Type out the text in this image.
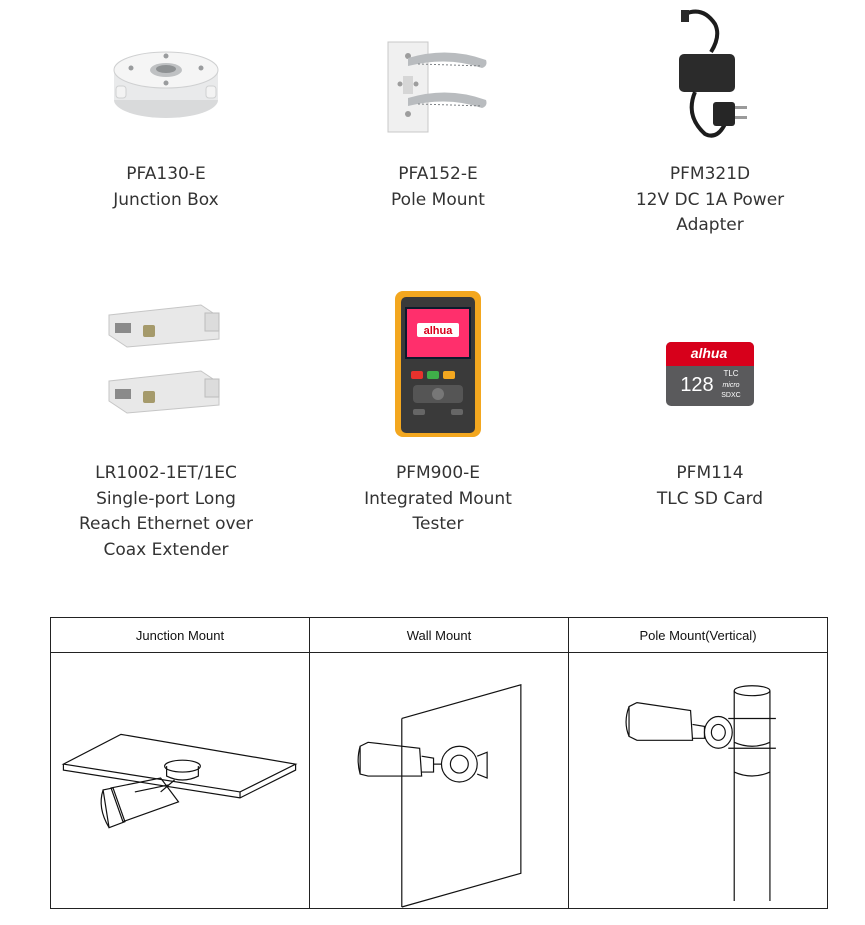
PFA130-E
Junction Box
PFA152-E
Pole Mount
PFM321D
12V DC 1A Power
Adapter
LR1002-1ET/1EC
Single-port Long
Reach Ethernet over
Coax Extender
alhua
PFM900-E
Integrated Mount
Tester
alhua
128
TLC
micro
SDXC
PFM114
TLC SD Card
Junction Mount	Wall Mount	Pole Mount(Vertical)
